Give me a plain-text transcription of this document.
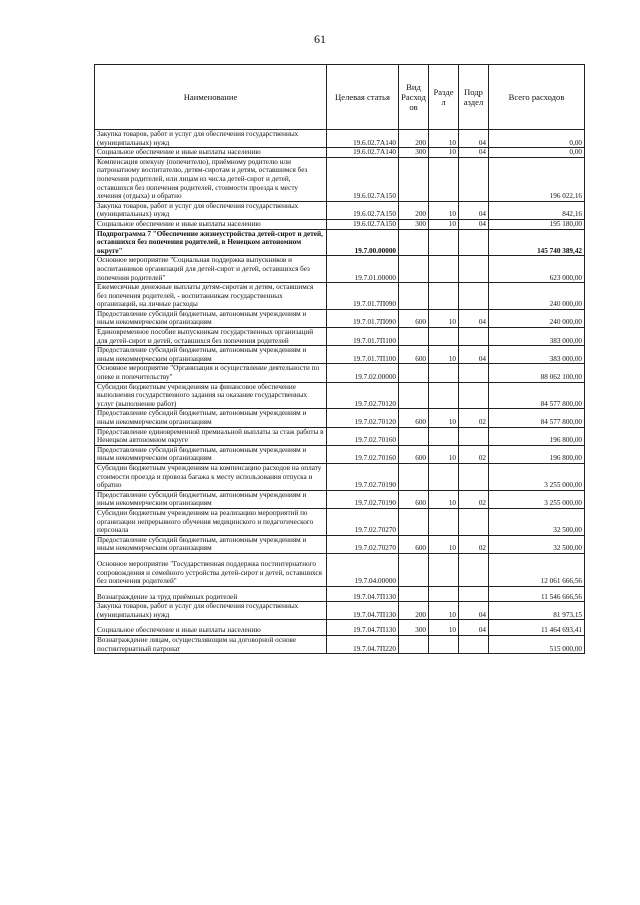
61
Наименование	Целевая статья	Вид Расход ов	Разде л	Подр аздел	Всего расходов
Закупка товаров, работ и услуг для обеспечения государственных (муниципальных) нужд	19.6.02.7А140	200	10	04	0,00
Социальное обеспечение и иные выплаты населению	19.6.02.7А140	300	10	04	0,00
Компенсация опекуну (попечителю), приёмному родителю или патронатному воспитателю, детям-сиротам и детям, оставшимся без попечения родителей, или лицам из числа детей-сирот и детей, оставшихся без попечения родителей, стоимости проезда к месту лечения (отдыха) и обратно	19.6.02.7А150				196 022,16
Закупка товаров, работ и услуг для обеспечения государственных (муниципальных) нужд	19.6.02.7А150	200	10	04	842,16
Социальное обеспечение и иные выплаты населению	19.6.02.7А150	300	10	04	195 180,00
Подпрограмма 7 "Обеспечение жизнеустройства детей-сирот и детей, оставшихся без попечения родителей, в Ненецком автономном округе"	19.7.00.00000				145 740 389,42
Основное мероприятие "Социальная поддержка выпускников и воспитанников организаций для детей-сирот и детей, оставшихся без попечения родителей"	19.7.01.00000				623 000,00
Ежемесячные денежные выплаты детям-сиротам и детям, оставшимся без попечения родителей, - воспитанникам государственных организаций, на личные расходы	19.7.01.7П090				240 000,00
Предоставление субсидий бюджетным, автономным учреждениям и иным некоммерческим организациям	19.7.01.7П090	600	10	04	240 000,00
Единовременное пособие выпускникам государственных организаций для детей-сирот и детей, оставшихся без попечения родителей	19.7.01.7П100				383 000,00
Предоставление субсидий бюджетным, автономным учреждениям и иным некоммерческим организациям	19.7.01.7П100	600	10	04	383 000,00
Основное мероприятие "Организация и осуществление деятельности по опеке и попечительству"	19.7.02.00000				88 062 100,00
Субсидии бюджетным учреждениям на финансовое обеспечение выполнения государственного задания на оказание государственных услуг (выполнение работ)	19.7.02.70120				84 577 800,00
Предоставление субсидий бюджетным, автономным учреждениям и иным некоммерческим организациям	19.7.02.70120	600	10	02	84 577 800,00
Предоставление единовременной премиальной выплаты за стаж работы в Ненецком автономном округе	19.7.02.70160				196 800,00
Предоставление субсидий бюджетным, автономным учреждениям и иным некоммерческим организациям	19.7.02.70160	600	10	02	196 800,00
Субсидии бюджетным учреждениям на компенсацию расходов на оплату стоимости проезда и провоза багажа к месту использования отпуска и обратно	19.7.02.70190				3 255 000,00
Предоставление субсидий бюджетным, автономным учреждениям и иным некоммерческим организациям	19.7.02.70190	600	10	02	3 255 000,00
Субсидии бюджетным учреждениям на реализацию мероприятий по организации непрерывного обучения медицинского и педагогического персонала	19.7.02.70270				32 500,00
Предоставление субсидий бюджетным, автономным учреждениям и иным некоммерческим организациям	19.7.02.70270	600	10	02	32 500,00
Основное мероприятие "Государственная поддержка постинтернатного сопровождения и семейного устройства детей-сирот и детей, оставшихся без попечения родителей"	19.7.04.00000				12 061 666,56
Вознаграждение за труд приёмных родителей	19.7.04.7П130				11 546 666,56
Закупка товаров, работ и услуг для обеспечения государственных (муниципальных) нужд	19.7.04.7П130	200	10	04	81 973,15
Социальное обеспечение и иные выплаты населению	19.7.04.7П130	300	10	04	11 464 693,41
Вознаграждение лицам, осуществляющим на договорной основе постинтернатный патронат	19.7.04.7П220				515 000,00
